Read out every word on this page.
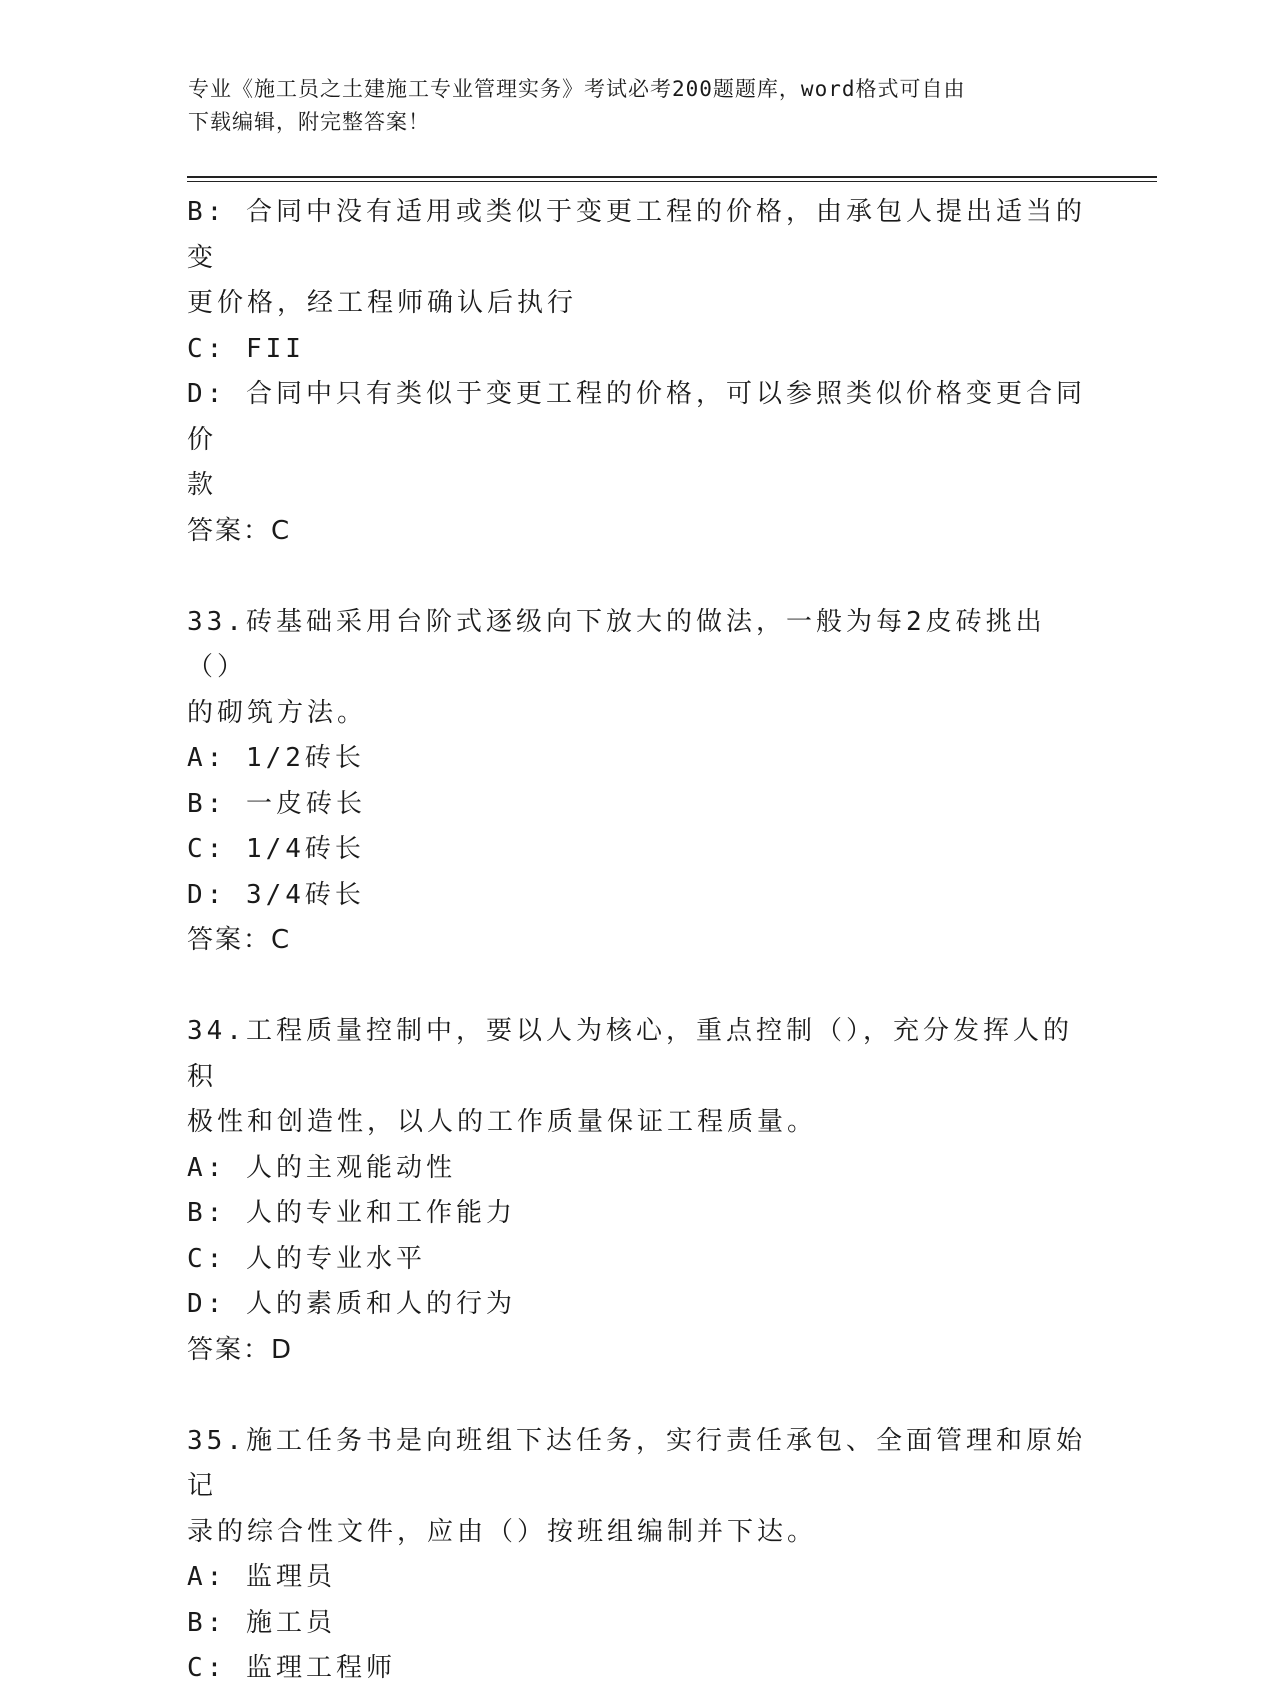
专业《施工员之土建施工专业管理实务》考试必考200题题库，word格式可自由
下载编辑，附完整答案！
B: 合同中没有适用或类似于变更工程的价格，由承包人提出适当的变
更价格，经工程师确认后执行
C: FII
D: 合同中只有类似于变更工程的价格，可以参照类似价格变更合同价
款
答案：C
33.砖基础采用台阶式逐级向下放大的做法，一般为每2皮砖挑出（）
的砌筑方法。
A: 1/2砖长
B: 一皮砖长
C: 1/4砖长
D: 3/4砖长
答案：C
34.工程质量控制中，要以人为核心，重点控制（），充分发挥人的积
极性和创造性，以人的工作质量保证工程质量。
A: 人的主观能动性
B: 人的专业和工作能力
C: 人的专业水平
D: 人的素质和人的行为
答案：D
35.施工任务书是向班组下达任务，实行责任承包、全面管理和原始记
录的综合性文件，应由（）按班组编制并下达。
A: 监理员
B: 施工员
C: 监理工程师
